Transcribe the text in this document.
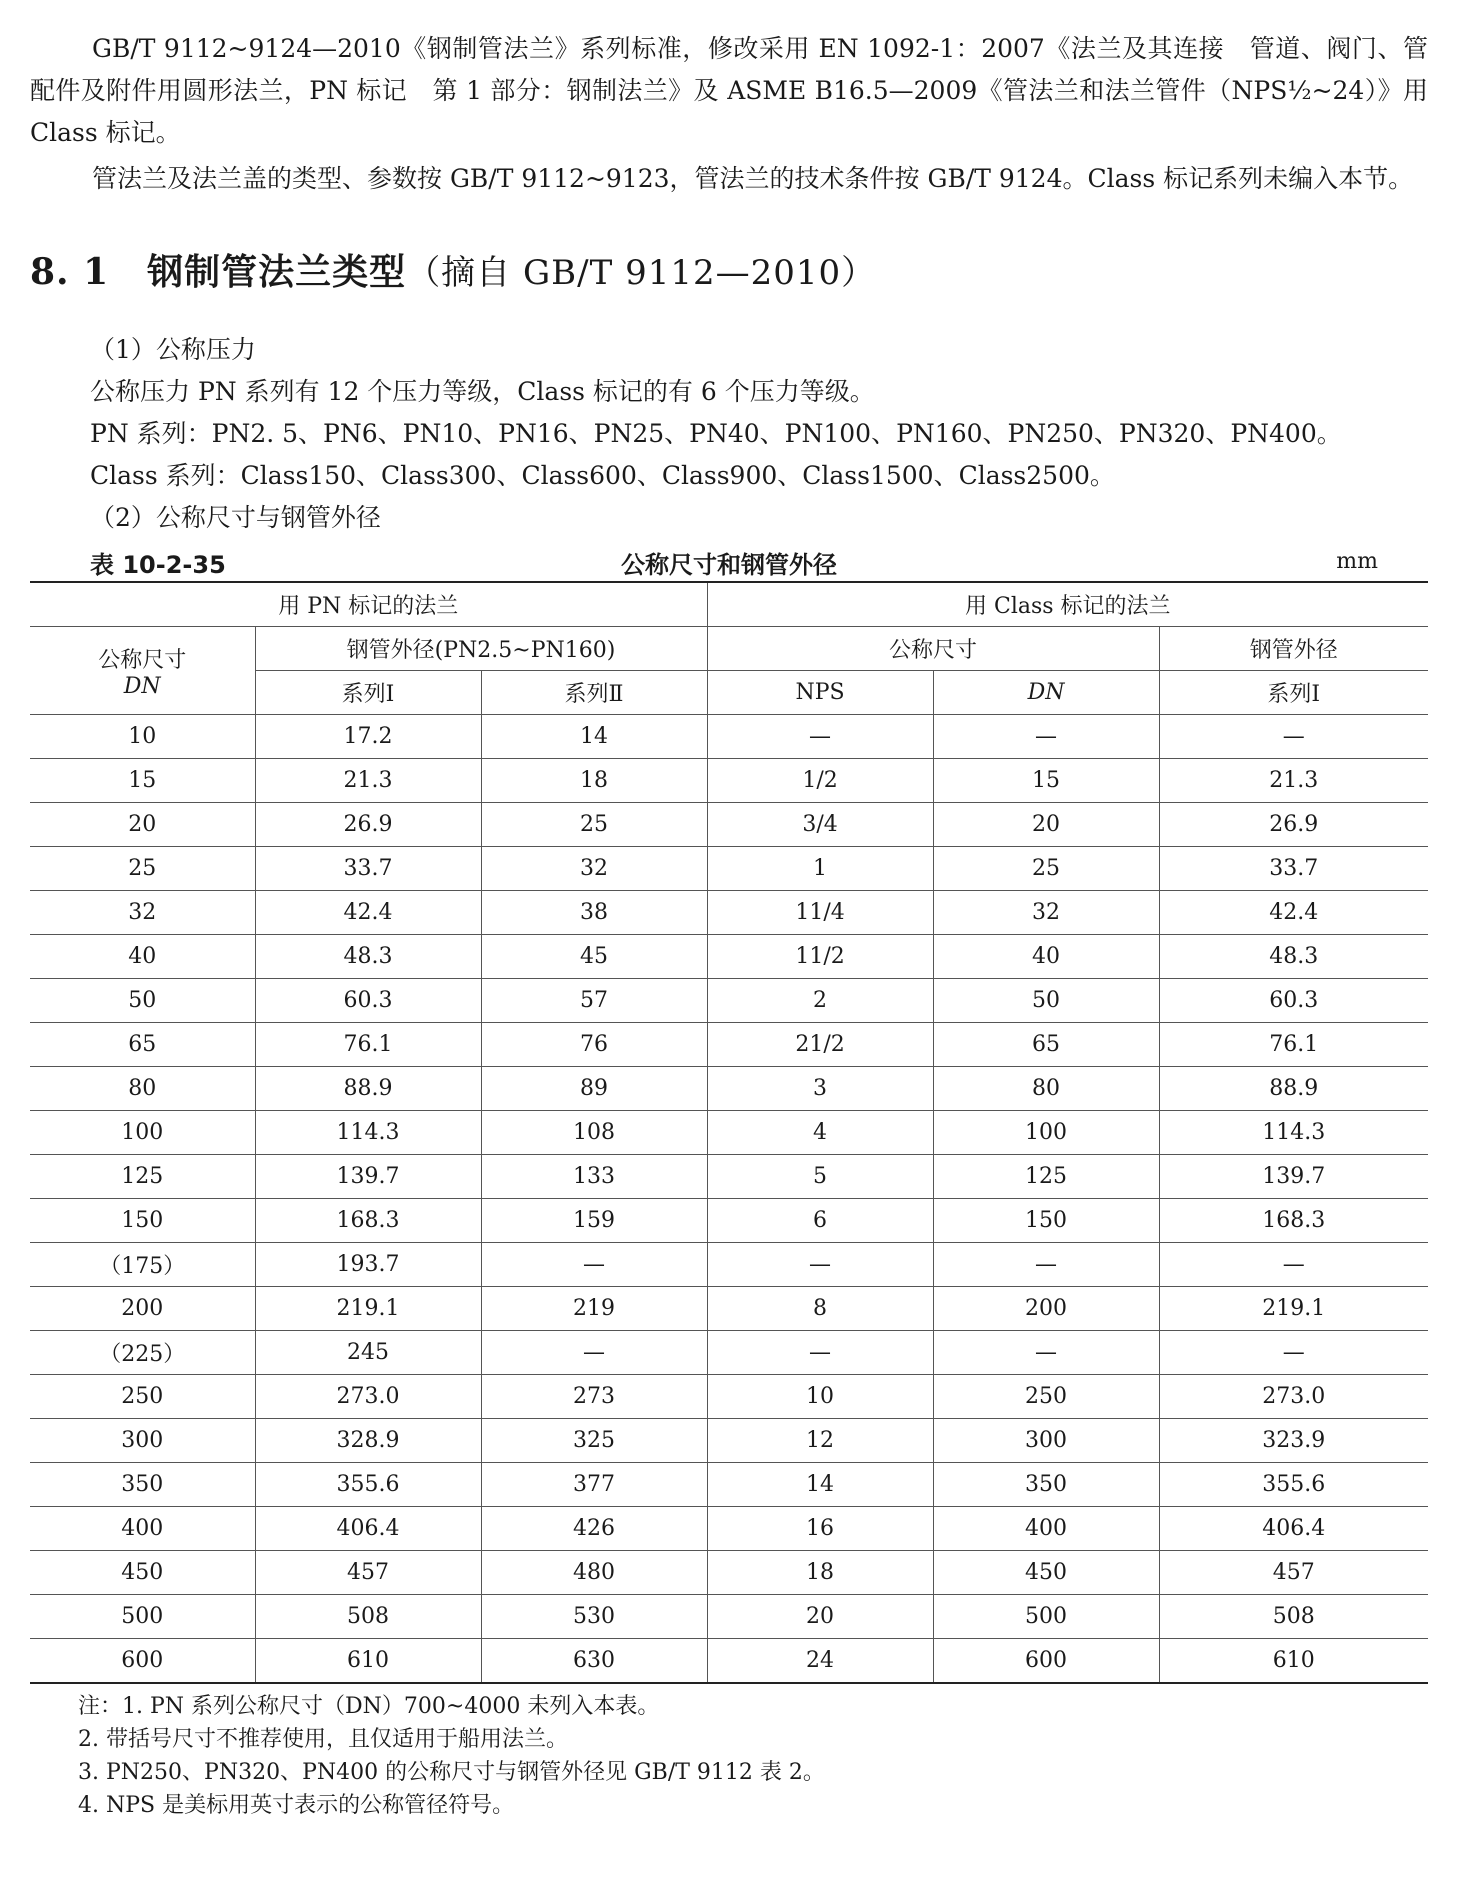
GB/T 9112~9124—2010《钢制管法兰》系列标准，修改采用 EN 1092-1：2007《法兰及其连接　管道、阀门、管配件及附件用圆形法兰，PN 标记　第 1 部分：钢制法兰》及 ASME B16.5—2009《管法兰和法兰管件（NPS½~24）》用 Class 标记。

管法兰及法兰盖的类型、参数按 GB/T 9112~9123，管法兰的技术条件按 GB/T 9124。Class 标记系列未编入本节。

8. 1 钢制管法兰类型（摘自 GB/T 9112—2010）

（1）公称压力

公称压力 PN 系列有 12 个压力等级，Class 标记的有 6 个压力等级。

PN 系列：PN2. 5、PN6、PN10、PN16、PN25、PN40、PN100、PN160、PN250、PN320、PN400。

Class 系列：Class150、Class300、Class600、Class900、Class1500、Class2500。

（2）公称尺寸与钢管外径

表 10-2-35	公称尺寸和钢管外径	mm
用 PN 标记的法兰			用 Class 标记的法兰		

公称尺寸
DN	钢管外径(PN2.5~PN160)		公称尺寸		钢管外径
	系列Ⅰ	系列Ⅱ	NPS	DN	系列Ⅰ
10	17.2	14	—	—	—
15	21.3	18	1/2	15	21.3
20	26.9	25	3/4	20	26.9
25	33.7	32	1	25	33.7
32	42.4	38	11/4	32	42.4
40	48.3	45	11/2	40	48.3
50	60.3	57	2	50	60.3
65	76.1	76	21/2	65	76.1
80	88.9	89	3	80	88.9
100	114.3	108	4	100	114.3
125	139.7	133	5	125	139.7
150	168.3	159	6	150	168.3
（175）	193.7	—	—	—	—
200	219.1	219	8	200	219.1
（225）	245	—	—	—	—
250	273.0	273	10	250	273.0
300	328.9	325	12	300	323.9
350	355.6	377	14	350	355.6
400	406.4	426	16	400	406.4
450	457	480	18	450	457
500	508	530	20	500	508
600	610	630	24	600	610

注：1. PN 系列公称尺寸（DN）700~4000 未列入本表。

2. 带括号尺寸不推荐使用，且仅适用于船用法兰。

3. PN250、PN320、PN400 的公称尺寸与钢管外径见 GB/T 9112 表 2。

4. NPS 是美标用英寸表示的公称管径符号。
